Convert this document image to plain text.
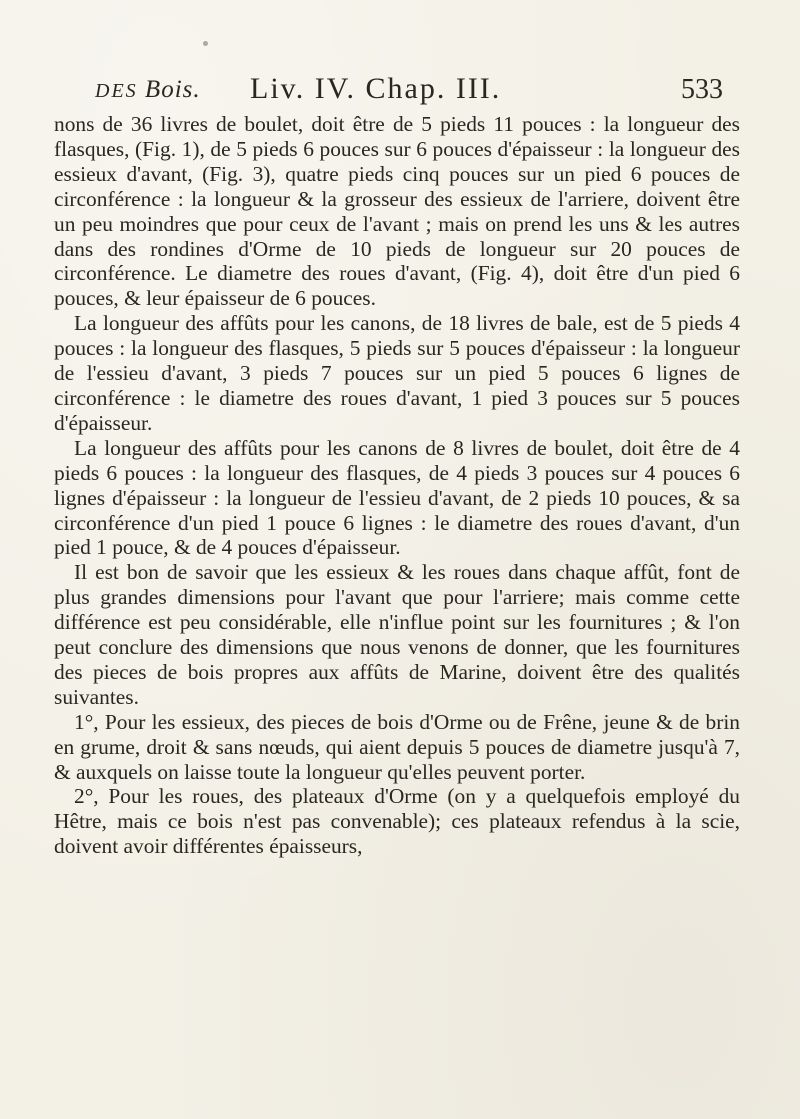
DES Bois. Liv. IV. Chap. III.	533

nons de 36 livres de boulet, doit être de 5 pieds 11 pouces : la longueur des flasques, (Fig. 1), de 5 pieds 6 pouces sur 6 pouces d'épaisseur : la longueur des essieux d'avant, (Fig. 3), quatre pieds cinq pouces sur un pied 6 pouces de circonférence : la longueur & la grosseur des essieux de l'arriere, doivent être un peu moindres que pour ceux de l'avant ; mais on prend les uns & les autres dans des rondines d'Orme de 10 pieds de longueur sur 20 pouces de circonférence. Le diametre des roues d'avant, (Fig. 4), doit être d'un pied 6 pouces, & leur épaisseur de 6 pouces.

La longueur des affûts pour les canons, de 18 livres de bale, est de 5 pieds 4 pouces : la longueur des flasques, 5 pieds sur 5 pouces d'épaisseur : la longueur de l'essieu d'avant, 3 pieds 7 pouces sur un pied 5 pouces 6 lignes de circonférence : le diametre des roues d'avant, 1 pied 3 pouces sur 5 pouces d'épaisseur.

La longueur des affûts pour les canons de 8 livres de boulet, doit être de 4 pieds 6 pouces : la longueur des flasques, de 4 pieds 3 pouces sur 4 pouces 6 lignes d'épaisseur : la longueur de l'essieu d'avant, de 2 pieds 10 pouces, & sa circonférence d'un pied 1 pouce 6 lignes : le diametre des roues d'avant, d'un pied 1 pouce, & de 4 pouces d'épaisseur.

Il est bon de savoir que les essieux & les roues dans chaque affût, font de plus grandes dimensions pour l'avant que pour l'arriere; mais comme cette différence est peu considérable, elle n'influe point sur les fournitures ; & l'on peut conclure des dimensions que nous venons de donner, que les fournitures des pieces de bois propres aux affûts de Marine, doivent être des qualités suivantes.

1°, Pour les essieux, des pieces de bois d'Orme ou de Frêne, jeune & de brin en grume, droit & sans nœuds, qui aient depuis 5 pouces de diametre jusqu'à 7, & auxquels on laisse toute la longueur qu'elles peuvent porter.

2°, Pour les roues, des plateaux d'Orme (on y a quelquefois employé du Hêtre, mais ce bois n'est pas convenable); ces plateaux refendus à la scie, doivent avoir différentes épaisseurs,
